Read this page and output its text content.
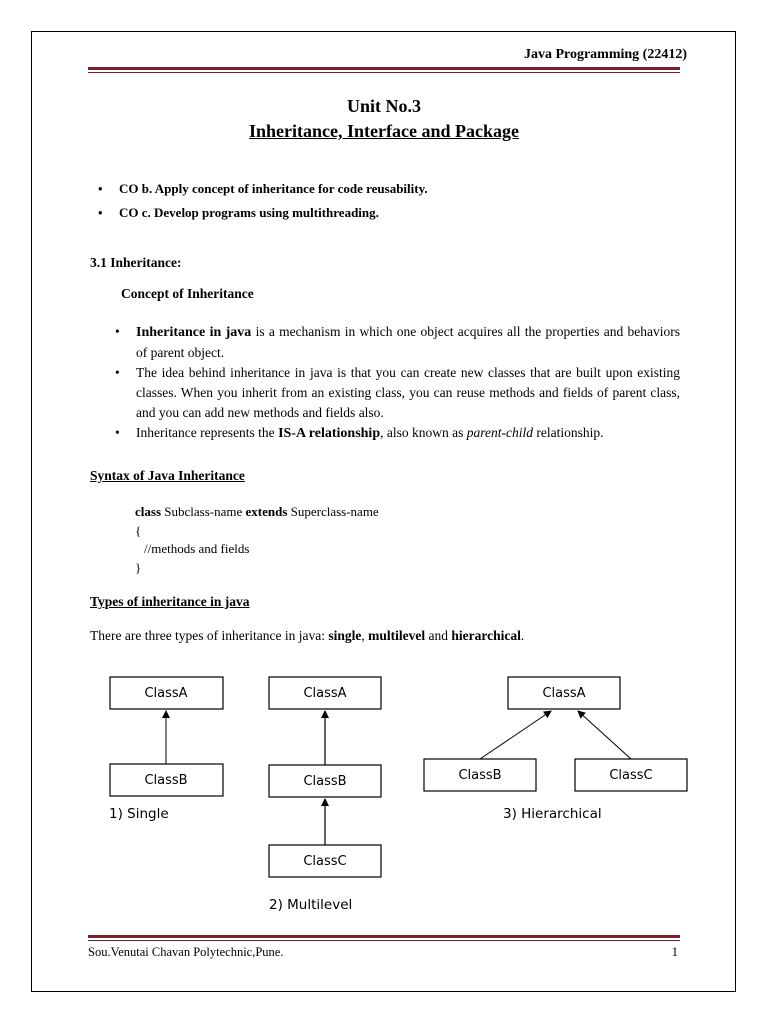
Java Programming (22412)
Unit No.3
Inheritance, Interface and Package
• CO b. Apply concept of inheritance for code reusability.
• CO c. Develop programs using multithreading.
3.1 Inheritance:
Concept of Inheritance
• Inheritance in java is a mechanism in which one object acquires all the properties and behaviors of parent object.
• The idea behind inheritance in java is that you can create new classes that are built upon existing classes. When you inherit from an existing class, you can reuse methods and fields of parent class, and you can add new methods and fields also.
• Inheritance represents the IS-A relationship, also known as parent-child relationship.
Syntax of Java Inheritance
class Subclass-name extends Superclass-name
{
//methods and fields
}
Types of inheritance in java
There are three types of inheritance in java: single, multilevel and hierarchical.
ClassA
ClassB
1) Single
ClassA
ClassB
ClassC
2) Multilevel
ClassA
ClassB	ClassC
3) Hierarchical
Sou.Venutai Chavan Polytechnic,Pune.	1
